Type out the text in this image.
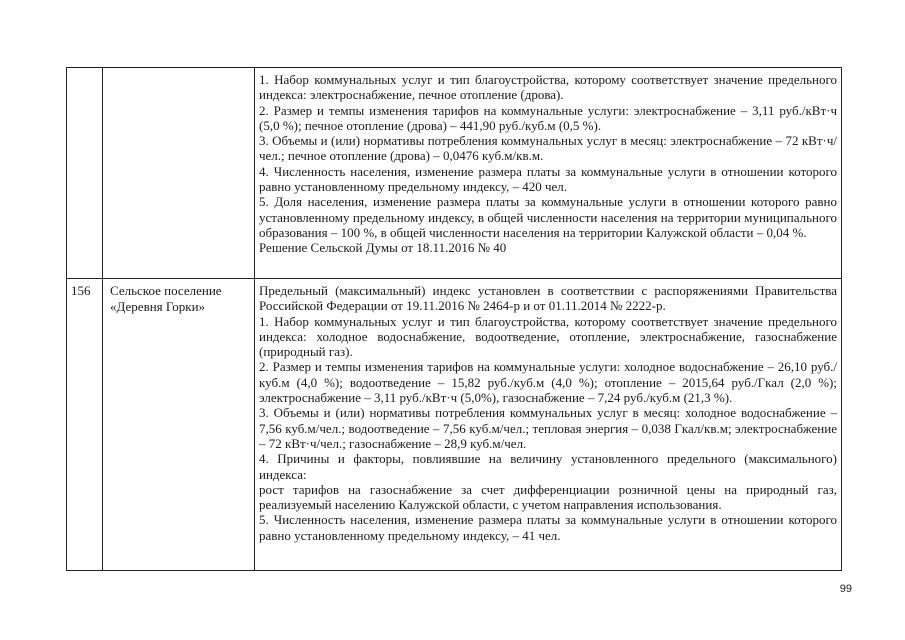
1. Набор коммунальных услуг и тип благоустройства, которому соответствует значение предельного индекса: электроснабжение, печное отопление (дрова).

2. Размер и темпы изменения тарифов на коммунальные услуги: электроснабжение – 3,11 руб./кВт·ч (5,0 %); печное отопление (дрова) – 441,90 руб./куб.м (0,5 %).

3. Объемы и (или) нормативы потребления коммунальных услуг в месяц: электроснабжение – 72 кВт·ч/чел.; печное отопление (дрова) – 0,0476 куб.м/кв.м.

4. Численность населения, изменение размера платы за коммунальные услуги в отношении которого равно установленному предельному индексу, – 420 чел.

5. Доля населения, изменение размера платы за коммунальные услуги в отношении которого равно установленному предельному индексу, в общей численности населения на территории муниципального образования – 100 %, в общей численности населения на территории Калужской области – 0,04 %.

Решение Сельской Думы от 18.11.2016 № 40

156	Сельское поселение «Деревня Горки»

Предельный (максимальный) индекс установлен в соответствии с распоряжениями Правительства Российской Федерации от 19.11.2016 № 2464-р и от 01.11.2014 № 2222-р.

1. Набор коммунальных услуг и тип благоустройства, которому соответствует значение предельного индекса: холодное водоснабжение, водоотведение, отопление, электроснабжение, газоснабжение (природный газ).

2. Размер и темпы изменения тарифов на коммунальные услуги: холодное водоснабжение – 26,10 руб./куб.м (4,0 %); водоотведение – 15,82 руб./куб.м (4,0 %); отопление – 2015,64 руб./Гкал (2,0 %); электроснабжение – 3,11 руб./кВт·ч (5,0%), газоснабжение – 7,24 руб./куб.м (21,3 %).

3. Объемы и (или) нормативы потребления коммунальных услуг в месяц: холодное водоснабжение – 7,56 куб.м/чел.; водоотведение – 7,56 куб.м/чел.; тепловая энергия – 0,038 Гкал/кв.м; электроснабжение – 72 кВт·ч/чел.; газоснабжение – 28,9 куб.м/чел.

4. Причины и факторы, повлиявшие на величину установленного предельного (максимального) индекса:

рост тарифов на газоснабжение за счет дифференциации розничной цены на природный газ, реализуемый населению Калужской области, с учетом направления использования.

5. Численность населения, изменение размера платы за коммунальные услуги в отношении которого равно установленному предельному индексу, – 41 чел.

99
